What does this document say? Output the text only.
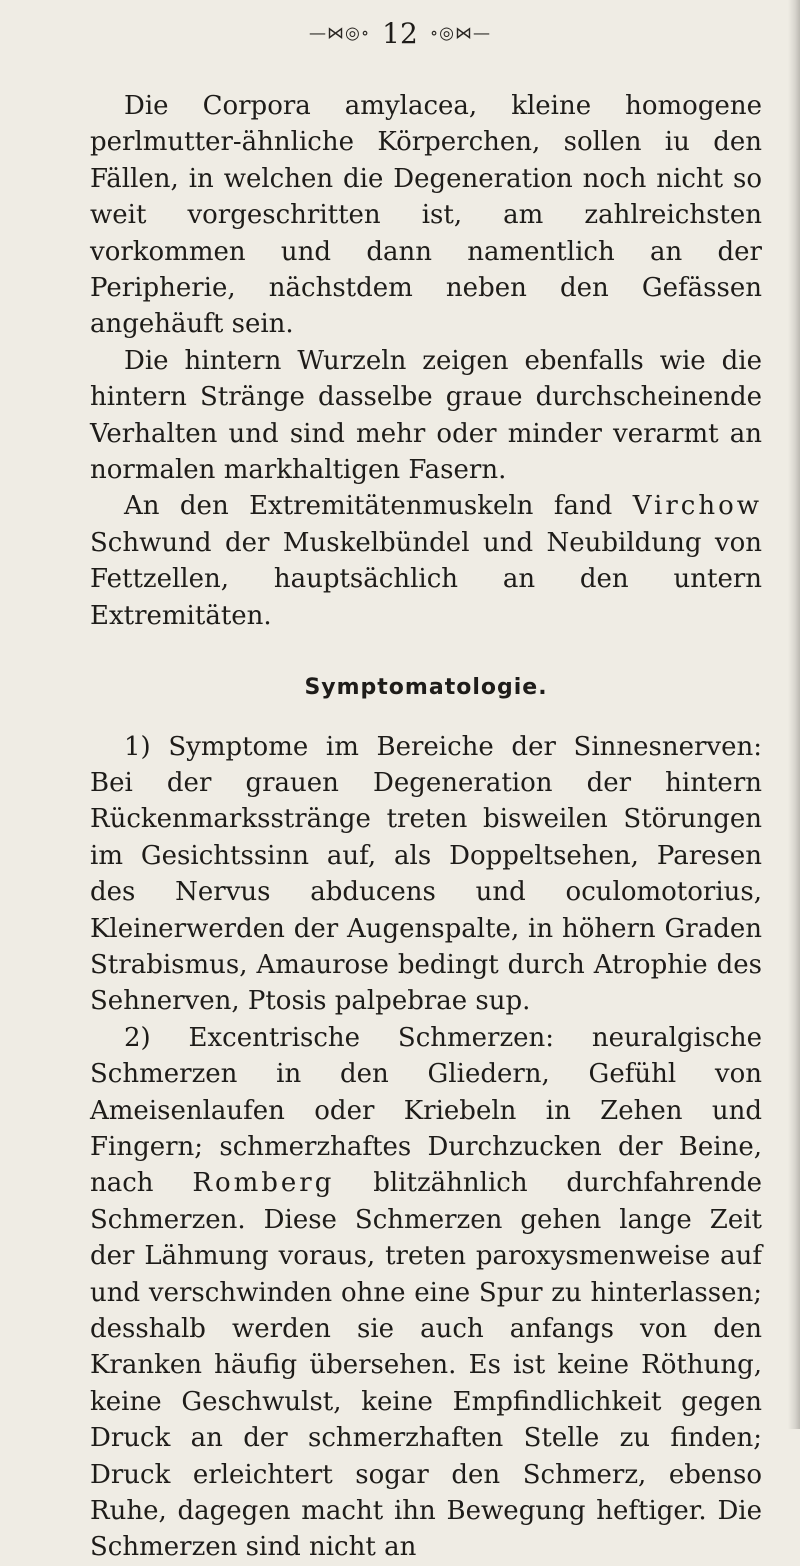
—⋈◎∘ 12 ∘◎⋈—

Die Corpora amylacea, kleine homogene perlmutter-ähnliche Körperchen, sollen iu den Fällen, in welchen die Degeneration noch nicht so weit vorgeschritten ist, am zahlreichsten vorkommen und dann namentlich an der Peripherie, nächstdem neben den Gefässen angehäuft sein.

Die hintern Wurzeln zeigen ebenfalls wie die hintern Stränge dasselbe graue durchscheinende Verhalten und sind mehr oder minder verarmt an normalen markhaltigen Fasern.

An den Extremitätenmuskeln fand Virchow Schwund der Muskelbündel und Neubildung von Fettzellen, hauptsächlich an den untern Extremitäten.

Symptomatologie.

1) Symptome im Bereiche der Sinnesnerven: Bei der grauen Degeneration der hintern Rückenmarksstränge treten bisweilen Störungen im Gesichtssinn auf, als Doppeltsehen, Paresen des Nervus abducens und oculomotorius, Kleinerwerden der Augenspalte, in höhern Graden Strabismus, Amaurose bedingt durch Atrophie des Sehnerven, Ptosis palpebrae sup.

2) Excentrische Schmerzen: neuralgische Schmerzen in den Gliedern, Gefühl von Ameisenlaufen oder Kriebeln in Zehen und Fingern; schmerzhaftes Durchzucken der Beine, nach Romberg blitzähnlich durchfahrende Schmerzen. Diese Schmerzen gehen lange Zeit der Lähmung voraus, treten paroxysmenweise auf und verschwinden ohne eine Spur zu hinterlassen; desshalb werden sie auch anfangs von den Kranken häufig übersehen. Es ist keine Röthung, keine Geschwulst, keine Empfindlichkeit gegen Druck an der schmerzhaften Stelle zu finden; Druck erleichtert sogar den Schmerz, ebenso Ruhe, dagegen macht ihn Bewegung heftiger. Die Schmerzen sind nicht an
